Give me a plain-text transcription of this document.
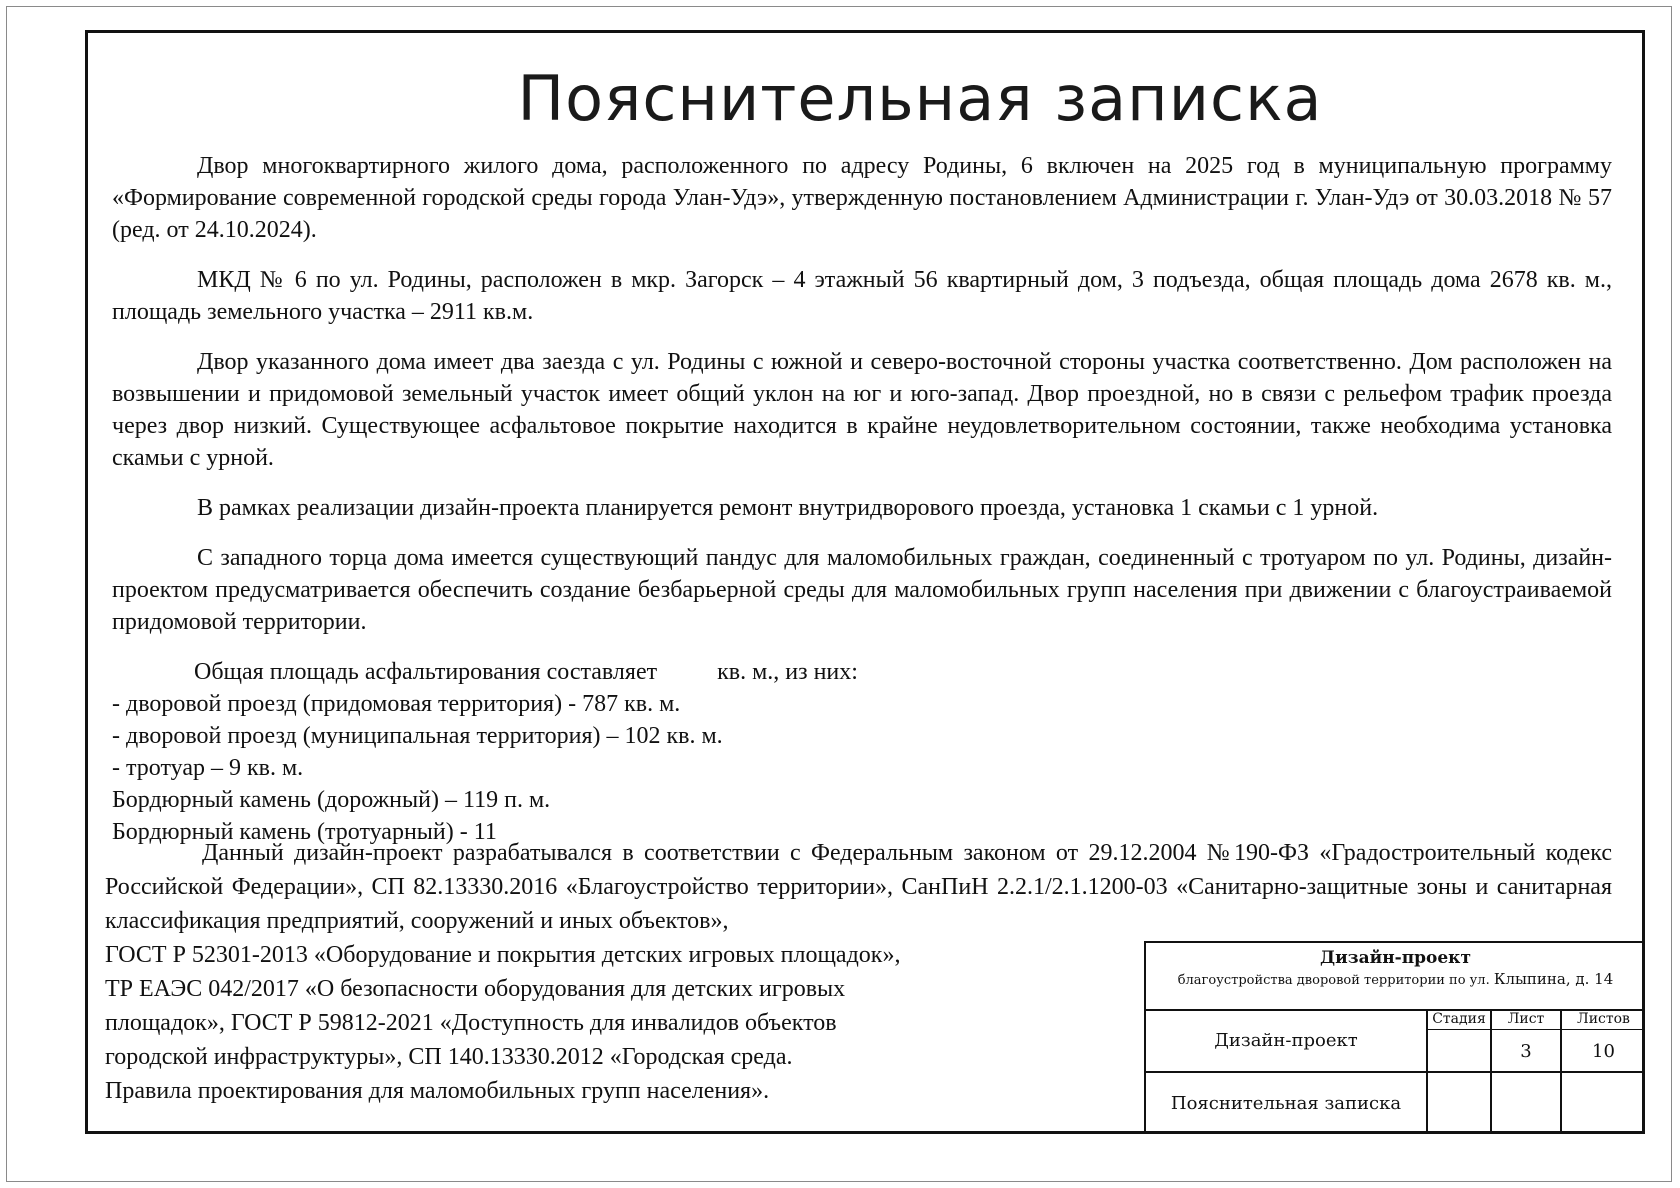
Пояснительная записка

Двор многоквартирного жилого дома, расположенного по адресу Родины, 6 включен на 2025 год в муниципальную программу «Формирование современной городской среды города Улан-Удэ», утвержденную постановлением Администрации г. Улан-Удэ от 30.03.2018 № 57 (ред. от 24.10.2024).

МКД № 6 по ул. Родины, расположен в мкр. Загорск – 4 этажный 56 квартирный дом, 3 подъезда, общая площадь дома 2678 кв. м., площадь земельного участка – 2911 кв.м.

Двор указанного дома имеет два заезда с ул. Родины с южной и северо-восточной стороны участка соответственно. Дом расположен на возвышении и придомовой земельный участок имеет общий уклон на юг и юго-запад. Двор проездной, но в связи с рельефом трафик проезда через двор низкий. Существующее асфальтовое покрытие находится в крайне неудовлетворительном состоянии, также необходима установка скамьи с урной.

В рамках реализации дизайн-проекта планируется ремонт внутридворового проезда, установка 1 скамьи с 1 урной.

С западного торца дома имеется существующий пандус для маломобильных граждан, соединенный с тротуаром по ул. Родины, дизайн-проектом предусматривается обеспечить создание безбарьерной среды для маломобильных групп населения при движении с благоустраиваемой придомовой территории.

Общая площадь асфальтирования составляет          кв. м., из них:
- дворовой проезд (придомовая территория) - 787 кв. м.
- дворовой проезд (муниципальная территория) – 102 кв. м.
- тротуар – 9 кв. м.
Бордюрный камень (дорожный) – 119 п. м.
Бордюрный камень (тротуарный) - 11

Данный дизайн-проект разрабатывался в соответствии с Федеральным законом от 29.12.2004 №190-ФЗ «Градостроительный кодекс Российской Федерации», СП 82.13330.2016 «Благоустройство территории», СанПиН 2.2.1/2.1.1200-03 «Санитарно-защитные зоны и санитарная классификация предприятий, сооружений и иных объектов»,

ГОСТ Р 52301-2013 «Оборудование и покрытия детских игровых площадок»,
ТР ЕАЭС 042/2017 «О безопасности оборудования для детских игровых
площадок», ГОСТ Р 59812-2021 «Доступность для инвалидов объектов
городской инфраструктуры», СП 140.13330.2012 «Городская среда.
Правила проектирования для маломобильных групп населения».
Дизайн-проект
благоустройства дворовой территории по ул. Клыпина, д. 14
Дизайн-проект
Пояснительная записка
Стадия	Лист
3
Листов
10
